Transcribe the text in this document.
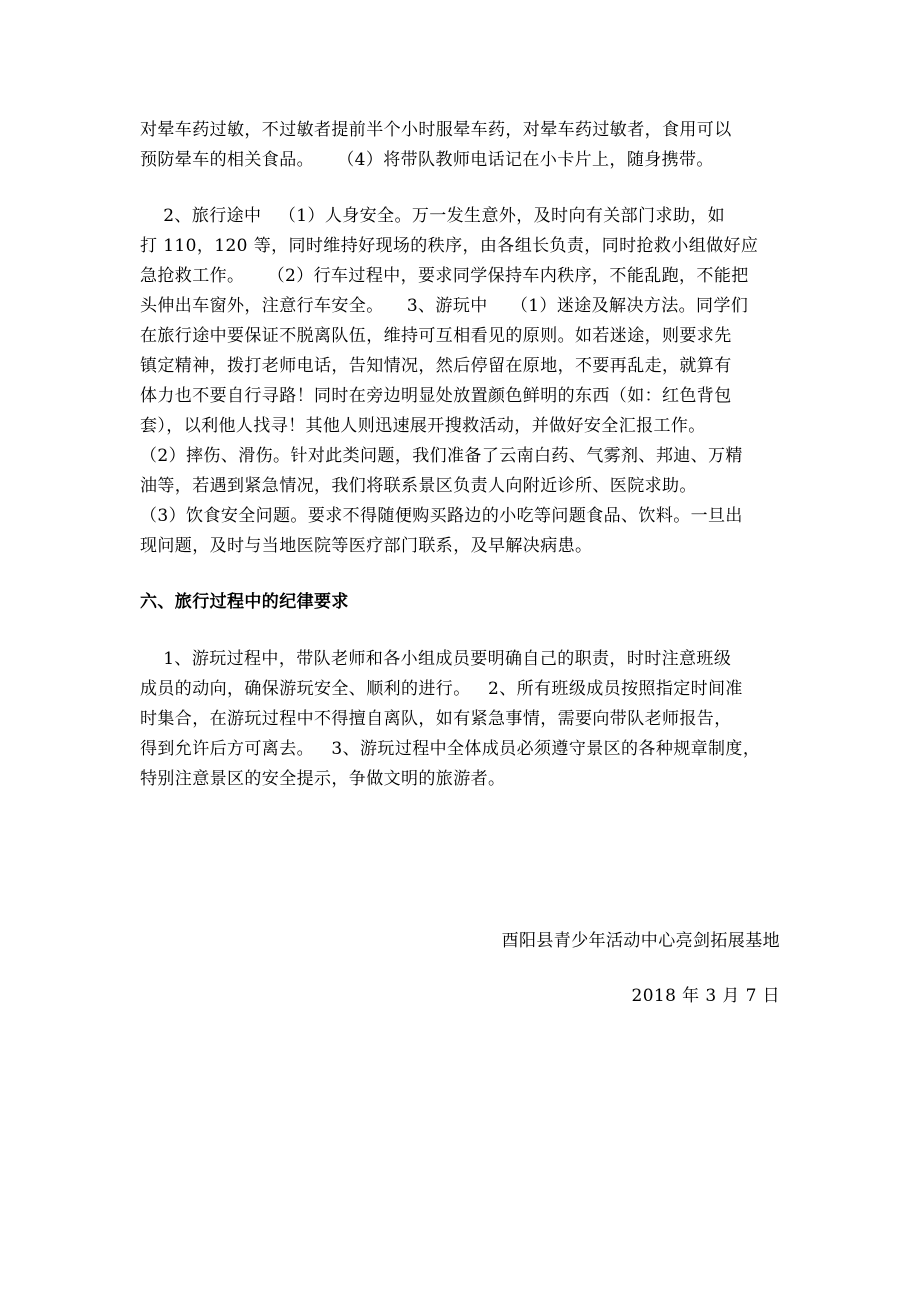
对晕车药过敏，不过敏者提前半个小时服晕车药，对晕车药过敏者，食用可以
预防晕车的相关食品。    （4）将带队教师电话记在小卡片上，随身携带。
2、旅行途中   （1）人身安全。万一发生意外，及时向有关部门求助，如
打 110，120 等，同时维持好现场的秩序，由各组长负责，同时抢救小组做好应
急抢救工作。    （2）行车过程中，要求同学保持车内秩序，不能乱跑，不能把
头伸出车窗外，注意行车安全。    3、游玩中    （1）迷途及解决方法。同学们
在旅行途中要保证不脱离队伍，维持可互相看见的原则。如若迷途，则要求先
镇定精神，拨打老师电话，告知情况，然后停留在原地，不要再乱走，就算有
体力也不要自行寻路！同时在旁边明显处放置颜色鲜明的东西（如：红色背包
套），以利他人找寻！其他人则迅速展开搜救活动，并做好安全汇报工作。
（2）摔伤、滑伤。针对此类问题，我们准备了云南白药、气雾剂、邦迪、万精
油等，若遇到紧急情况，我们将联系景区负责人向附近诊所、医院求助。
（3）饮食安全问题。要求不得随便购买路边的小吃等问题食品、饮料。一旦出
现问题，及时与当地医院等医疗部门联系，及早解决病患。
六、旅行过程中的纪律要求
1、游玩过程中，带队老师和各小组成员要明确自己的职责，时时注意班级
成员的动向，确保游玩安全、顺利的进行。   2、所有班级成员按照指定时间准
时集合，在游玩过程中不得擅自离队，如有紧急事情，需要向带队老师报告，
得到允许后方可离去。   3、游玩过程中全体成员必须遵守景区的各种规章制度，
特别注意景区的安全提示，争做文明的旅游者。
酉阳县青少年活动中心亮剑拓展基地
2018 年 3 月 7 日
